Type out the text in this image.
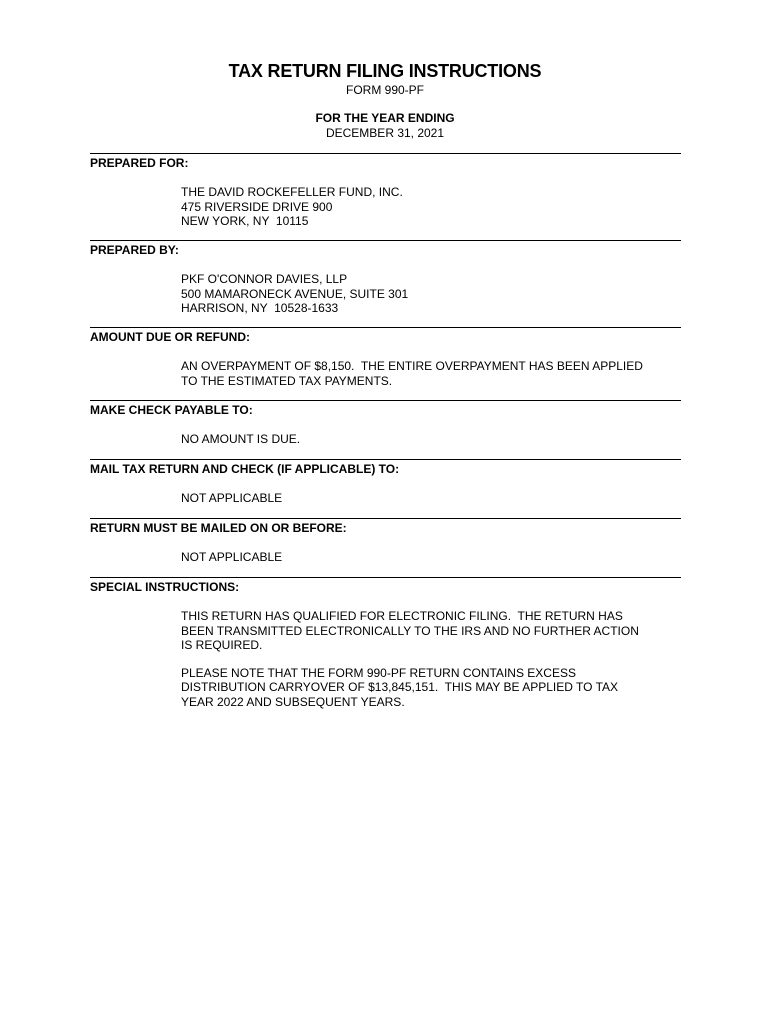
TAX RETURN FILING INSTRUCTIONS
FORM 990-PF
FOR THE YEAR ENDING
DECEMBER 31, 2021
PREPARED FOR:
THE DAVID ROCKEFELLER FUND, INC.
475 RIVERSIDE DRIVE 900
NEW YORK, NY  10115
PREPARED BY:
PKF O'CONNOR DAVIES, LLP
500 MAMARONECK AVENUE, SUITE 301
HARRISON, NY  10528-1633
AMOUNT DUE OR REFUND:
AN OVERPAYMENT OF $8,150.  THE ENTIRE OVERPAYMENT HAS BEEN APPLIED
TO THE ESTIMATED TAX PAYMENTS.
MAKE CHECK PAYABLE TO:
NO AMOUNT IS DUE.
MAIL TAX RETURN AND CHECK (IF APPLICABLE) TO:
NOT APPLICABLE
RETURN MUST BE MAILED ON OR BEFORE:
NOT APPLICABLE
SPECIAL INSTRUCTIONS:
THIS RETURN HAS QUALIFIED FOR ELECTRONIC FILING.  THE RETURN HAS
BEEN TRANSMITTED ELECTRONICALLY TO THE IRS AND NO FURTHER ACTION
IS REQUIRED.
PLEASE NOTE THAT THE FORM 990-PF RETURN CONTAINS EXCESS
DISTRIBUTION CARRYOVER OF $13,845,151.  THIS MAY BE APPLIED TO TAX
YEAR 2022 AND SUBSEQUENT YEARS.
